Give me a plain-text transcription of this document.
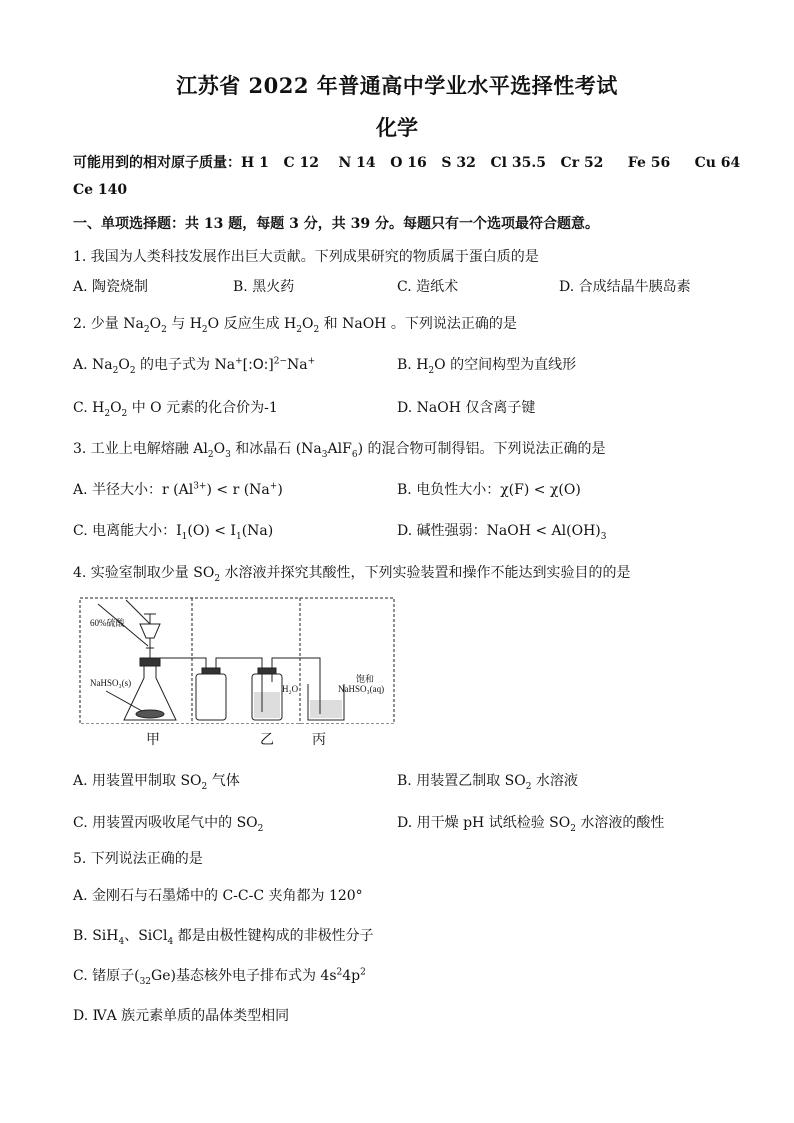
江苏省 2022 年普通高中学业水平选择性考试
化学
可能用到的相对原子质量：H 1   C 12    N 14   O 16   S 32   Cl 35.5   Cr 52     Fe 56     Cu 64
Ce 140
一、单项选择题：共 13 题，每题 3 分，共 39 分。每题只有一个选项最符合题意。
1. 我国为人类科技发展作出巨大贡献。下列成果研究的物质属于蛋白质的是
A. 陶瓷烧制	B. 黑火药	C. 造纸术	D. 合成结晶牛胰岛素
2. 少量 $Na_2O_2$ 与 $H_2O$ 反应生成 $H_2O_2$ 和 NaOH 。下列说法正确的是
A. $Na_2O_2$ 的电子式为 Na+[:O:]$^{2-}$Na+	B. $H_2O$ 的空间构型为直线形
C. $H_2O_2$ 中 O 元素的化合价为-1	D. NaOH 仅含离子键
3. 工业上电解熔融 $Al_2O_3$ 和冰晶石 $(Na_3AlF_6)$ 的混合物可制得铝。下列说法正确的是
A. 半径大小：r $(Al^{3+}) < r$ (Na+)	B. 电负性大小：χ(F) < χ(O)
C. 电离能大小：$I_1(O) < I_1(Na)$	D. 碱性强弱：NaOH < $Al(OH)_3$
4. 实验室制取少量 $SO_2$ 水溶液并探究其酸性，下列实验装置和操作不能达到实验目的的是
60%硫酸
NaHSO₃(s)
H₂O
饱和
NaHSO₃(aq)
甲	乙	丙
A. 用装置甲制取 $SO_2$ 气体	B. 用装置乙制取 $SO_2$ 水溶液
C. 用装置丙吸收尾气中的 $SO_2$	D. 用干燥 pH 试纸检验 $SO_2$ 水溶液的酸性
5. 下列说法正确的是
A. 金刚石与石墨烯中的 C-C-C 夹角都为 120°
B. SiH$_4$、SiCl$_4$ 都是由极性键构成的非极性分子
C. 锗原子$(_{32}Ge)$基态核外电子排布式为 $4s^24p^2$
D. ⅣA 族元素单质的晶体类型相同
